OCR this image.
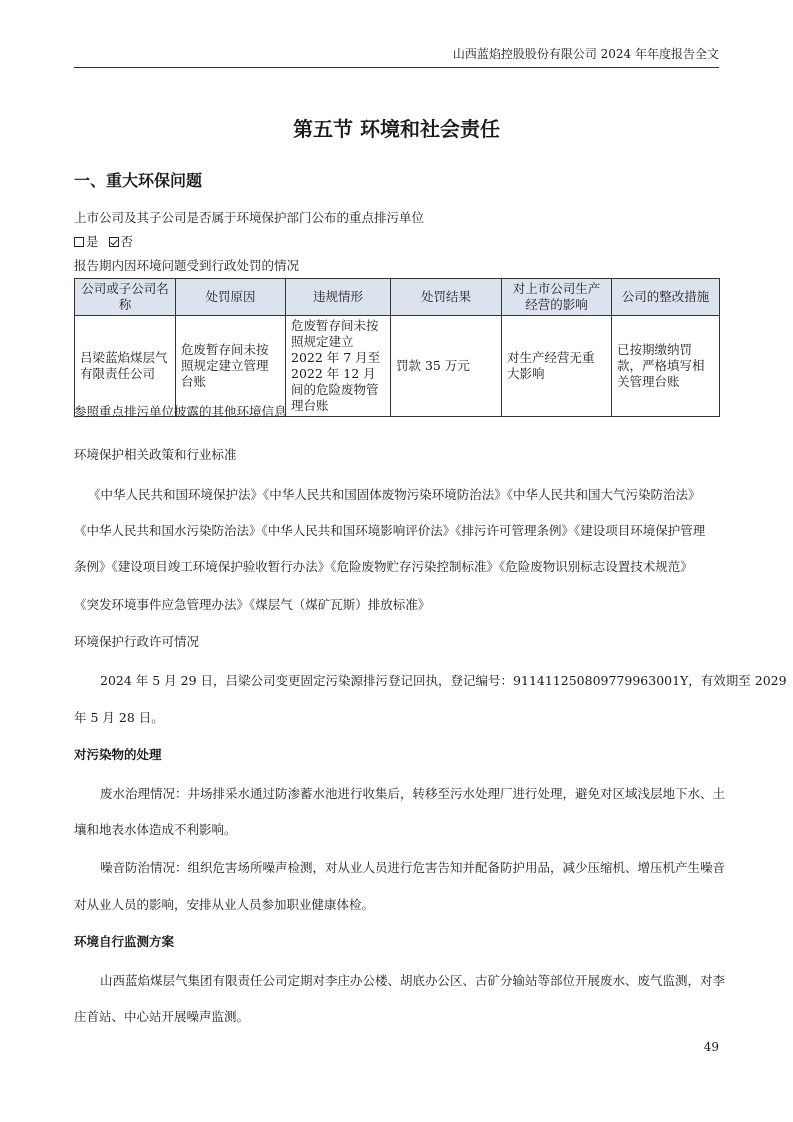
山西蓝焰控股股份有限公司 2024 年年度报告全文
第五节 环境和社会责任
一、重大环保问题
上市公司及其子公司是否属于环境保护部门公布的重点排污单位
是 否
报告期内因环境问题受到行政处罚的情况
公司或子公司名称	处罚原因	违规情形	处罚结果	对上市公司生产经营的影响	公司的整改措施
吕梁蓝焰煤层气有限责任公司	危废暂存间未按照规定建立管理台账	危废暂存间未按照规定建立 2022 年 7 月至 2022 年 12 月间的危险废物管理台账	罚款 35 万元	对生产经营无重大影响	已按期缴纳罚款，严格填写相关管理台账
参照重点排污单位披露的其他环境信息
环境保护相关政策和行业标准
《中华人民共和国环境保护法》《中华人民共和国固体废物污染环境防治法》《中华人民共和国大气污染防治法》
《中华人民共和国水污染防治法》《中华人民共和国环境影响评价法》《排污许可管理条例》《建设项目环境保护管理
条例》《建设项目竣工环境保护验收暂行办法》《危险废物贮存污染控制标准》《危险废物识别标志设置技术规范》
《突发环境事件应急管理办法》《煤层气（煤矿瓦斯）排放标准》
环境保护行政许可情况
2024 年 5 月 29 日，吕梁公司变更固定污染源排污登记回执，登记编号：91141125080977996300​1Y，有效期至 2029
年 5 月 28 日。
对污染物的处理
废水治理情况：井场排采水通过防渗蓄水池进行收集后，转移至污水处理厂进行处理，避免对区域浅层地下水、土
壤和地表水体造成不利影响。
噪音防治情况：组织危害场所噪声检测，对从业人员进行危害告知并配备防护用品，减少压缩机、增压机产生噪音
对从业人员的影响，安排从业人员参加职业健康体检。
环境自行监测方案
山西蓝焰煤层气集团有限责任公司定期对李庄办公楼、胡底办公区、古矿分输站等部位开展废水、废气监测，对李
庄首站、中心站开展噪声监测。
49
